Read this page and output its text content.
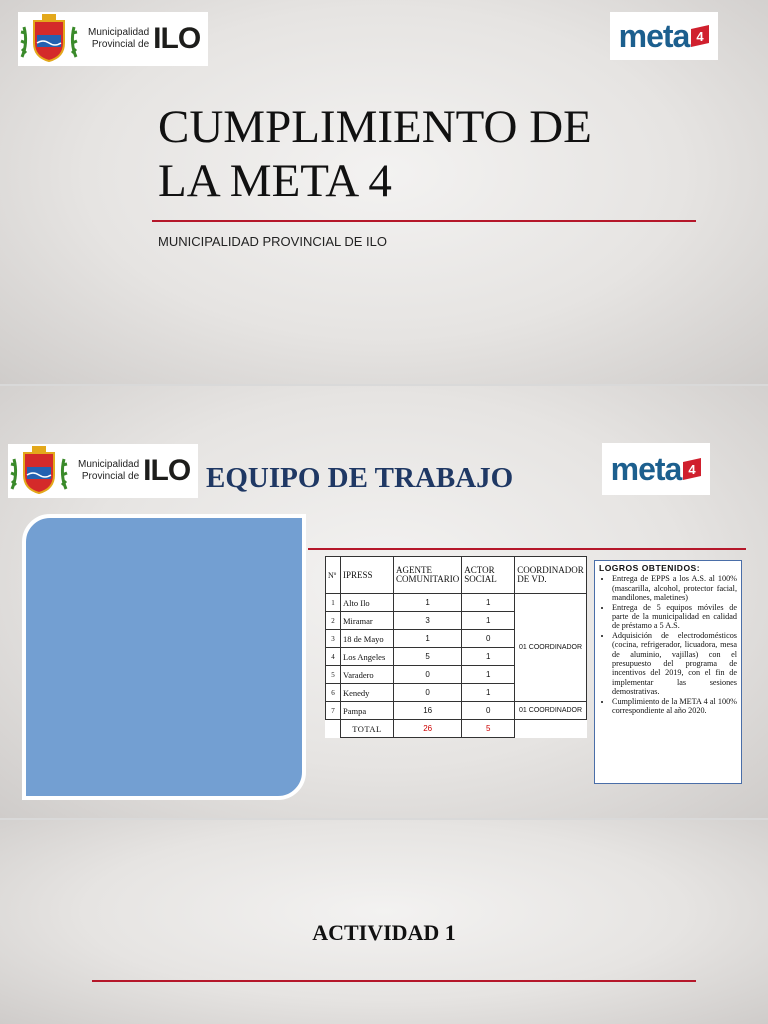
Municipalidad
Provincial de ILO	meta 4
CUMPLIMIENTO DE
LA META 4
MUNICIPALIDAD PROVINCIAL DE ILO
Municipalidad
Provincial de ILO EQUIPO DE TRABAJO	meta 4
Nº	IPRESS	AGENTE COMUNITARIO	ACTOR SOCIAL	COORDINADOR DE VD.
1	Alto Ilo	1	1	01 COORDINADOR
2	Miramar	3	1	
3	18 de Mayo	1	0	
4	Los Angeles	5	1	
5	Varadero	0	1	
6	Kenedy	0	1	
7	Pampa	16	0	01 COORDINADOR
	TOTAL	26	5	
LOGROS OBTENIDOS:
• Entrega de EPPS a los A.S. al 100% (mascarilla, alcohol, protector facial, mandilones, maletines)
• Entrega de 5 equipos móviles de parte de la municipalidad en calidad de préstamo a 5 A.S.
• Adquisición de electrodomésticos (cocina, refrigerador, licuadora, mesa de aluminio, vajillas) con el presupuesto del programa de incentivos del 2019, con el fin de implementar las sesiones demostrativas.
• Cumplimiento de la META 4 al 100% correspondiente al año 2020.
ACTIVIDAD 1
